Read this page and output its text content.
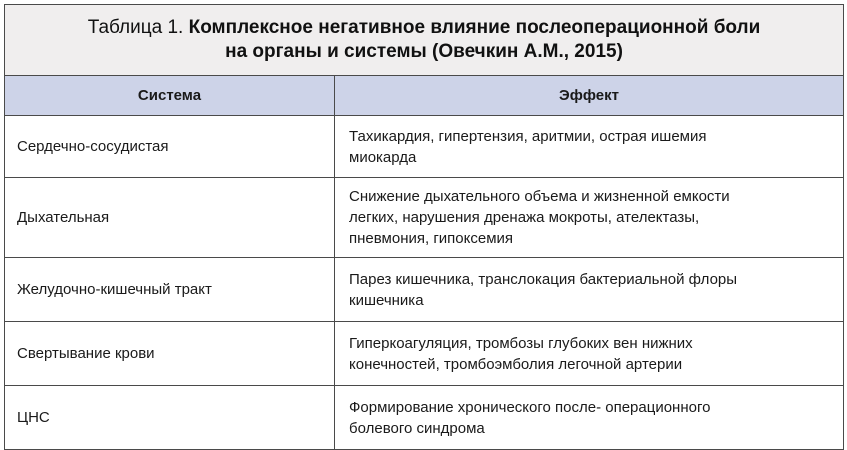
Таблица 1. Комплексное негативное влияние послеоперационной боли
на органы и системы (Овечкин А.М., 2015)	
Система	Эффект
Сердечно-сосудистая	Тахикардия, гипертензия, аритмии, острая ишемия
миокарда

Дыхательная	Снижение дыхательного объема и жизненной емкости
легких, нарушения дренажа мокроты, ателектазы,
пневмония, гипоксемия

Желудочно-кишечный тракт	Парез кишечника, транслокация бактериальной флоры
кишечника

Свертывание крови	Гиперкоагуляция, тромбозы глубоких вен нижних
конечностей, тромбоэмболия легочной артерии

ЦНС	Формирование хронического после- операционного
болевого синдрома
